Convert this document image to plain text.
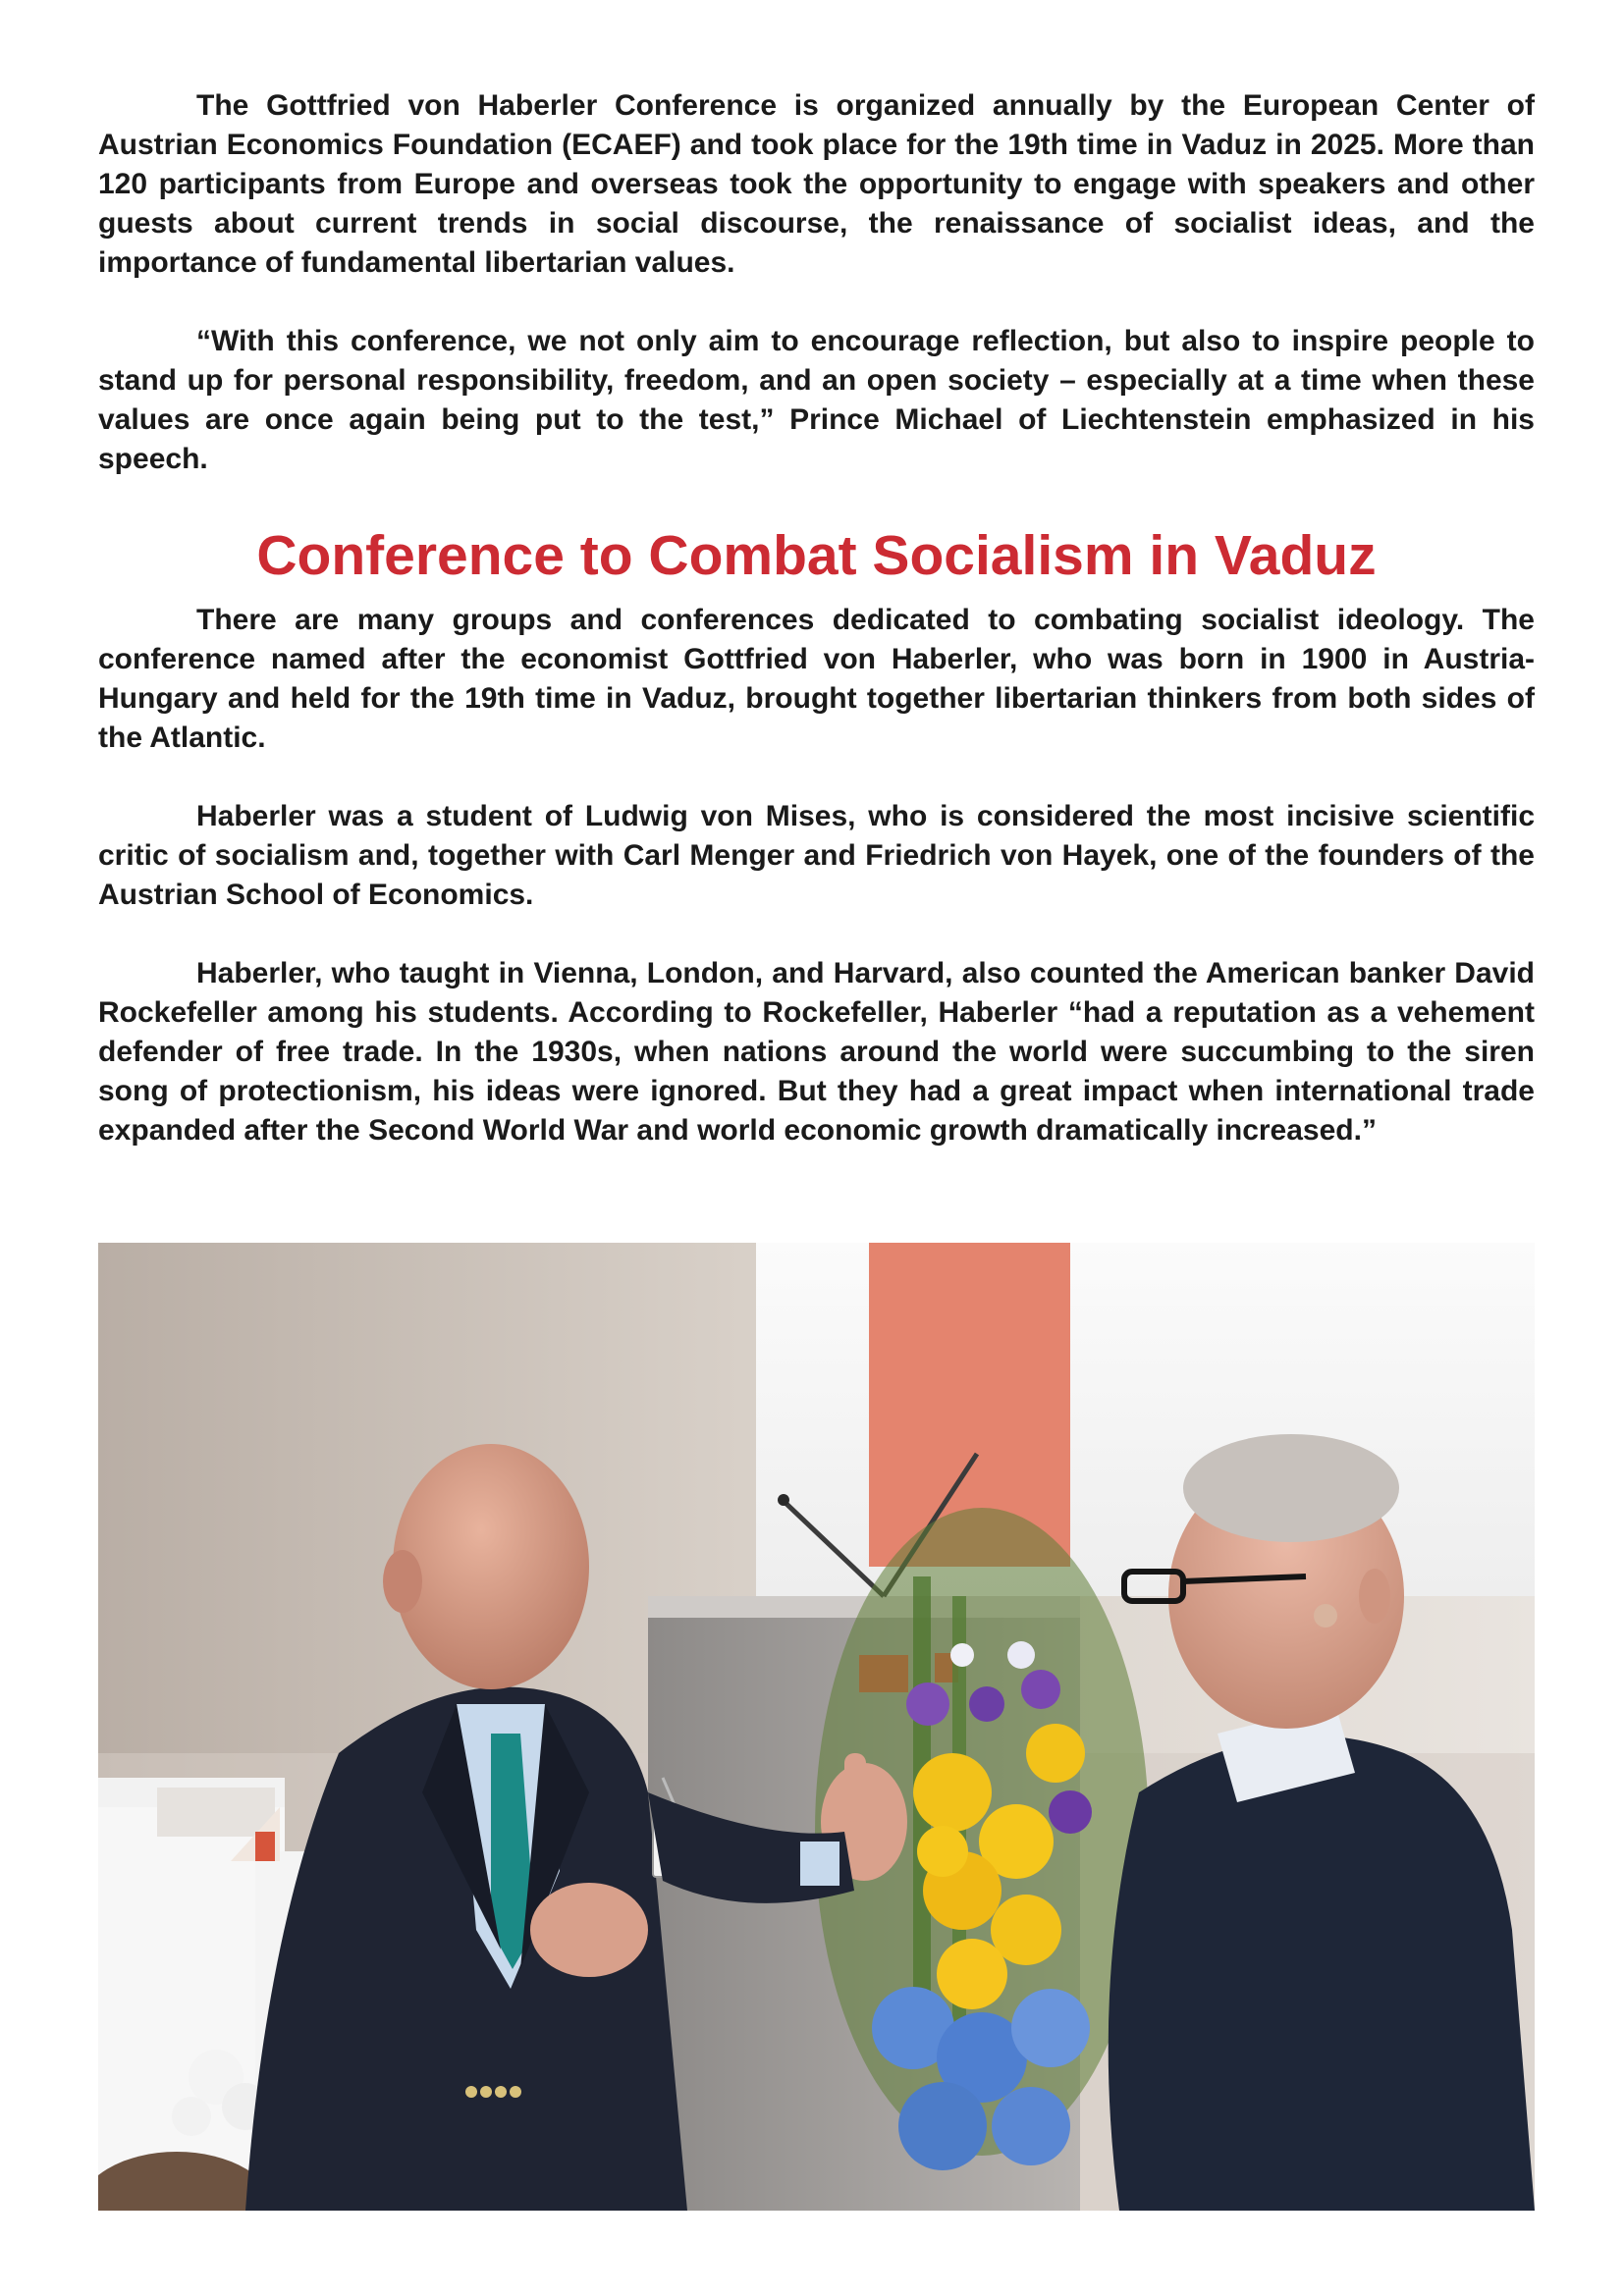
The Gottfried von Haberler Conference is organized annually by the European Center of Austrian Economics Foundation (ECAEF) and took place for the 19th time in Vaduz in 2025. More than 120 participants from Europe and overseas took the opportunity to engage with speakers and other guests about current trends in social discourse, the renaissance of socialist ideas, and the importance of fundamental libertarian values.

“With this conference, we not only aim to encourage reflection, but also to inspire people to stand up for personal responsibility, freedom, and an open society – especially at a time when these values are once again being put to the test,” Prince Michael of Liechtenstein emphasized in his speech.

Conference to Combat Socialism in Vaduz

There are many groups and conferences dedicated to combating socialist ideology. The conference named after the economist Gottfried von Haberler, who was born in 1900 in Austria-Hungary and held for the 19th time in Vaduz, brought together libertarian thinkers from both sides of the Atlantic.

Haberler was a student of Ludwig von Mises, who is considered the most incisive scientific critic of socialism and, together with Carl Menger and Friedrich von Hayek, one of the founders of the Austrian School of Economics.

Haberler, who taught in Vienna, London, and Harvard, also counted the American banker David Rockefeller among his students. According to Rockefeller, Haberler “had a reputation as a vehement defender of free trade. In the 1930s, when nations around the world were succumbing to the siren song of protectionism, his ideas were ignored. But they had a great impact when international trade expanded after the Second World War and world economic growth dramatically increased.”
